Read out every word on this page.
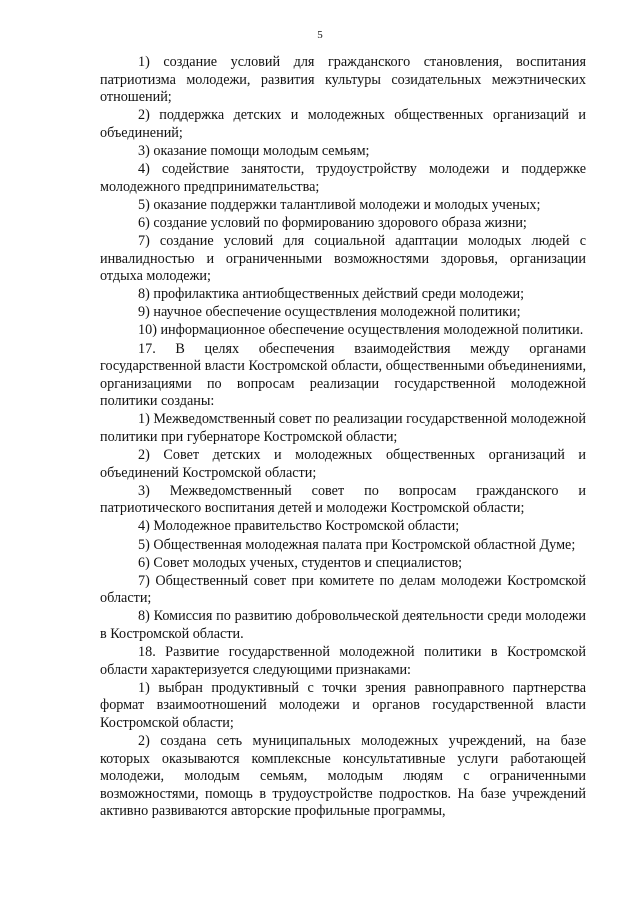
5

1) создание условий для гражданского становления, воспитания патриотизма молодежи, развития культуры созидательных межэтнических отношений;

2) поддержка детских и молодежных общественных организаций и объединений;

3) оказание помощи молодым семьям;

4) содействие занятости, трудоустройству молодежи и поддержке молодежного предпринимательства;

5) оказание поддержки талантливой молодежи и молодых ученых;

6) создание условий по формированию здорового образа жизни;

7) создание условий для социальной адаптации молодых людей с инвалидностью и ограниченными возможностями здоровья, организации отдыха молодежи;

8) профилактика антиобщественных действий среди молодежи;

9) научное обеспечение осуществления молодежной политики;

10) информационное обеспечение осуществления молодежной политики.

17. В целях обеспечения взаимодействия между органами государственной власти Костромской области, общественными объединениями, организациями по вопросам реализации государственной молодежной политики созданы:

1) Межведомственный совет по реализации государственной молодежной политики при губернаторе Костромской области;

2) Совет детских и молодежных общественных организаций и объединений Костромской области;

3) Межведомственный совет по вопросам гражданского и патриотического воспитания детей и молодежи Костромской области;

4) Молодежное правительство Костромской области;

5) Общественная молодежная палата при Костромской областной Думе;

6) Совет молодых ученых, студентов и специалистов;

7) Общественный совет при комитете по делам молодежи Костромской области;

8) Комиссия по развитию добровольческой деятельности среди молодежи в Костромской области.

18. Развитие государственной молодежной политики в Костромской области характеризуется следующими признаками:

1) выбран продуктивный с точки зрения равноправного партнерства формат взаимоотношений молодежи и органов государственной власти Костромской области;

2) создана сеть муниципальных молодежных учреждений, на базе которых оказываются комплексные консультативные услуги работающей молодежи, молодым семьям, молодым людям с ограниченными возможностями, помощь в трудоустройстве подростков. На базе учреждений активно развиваются авторские профильные программы,
